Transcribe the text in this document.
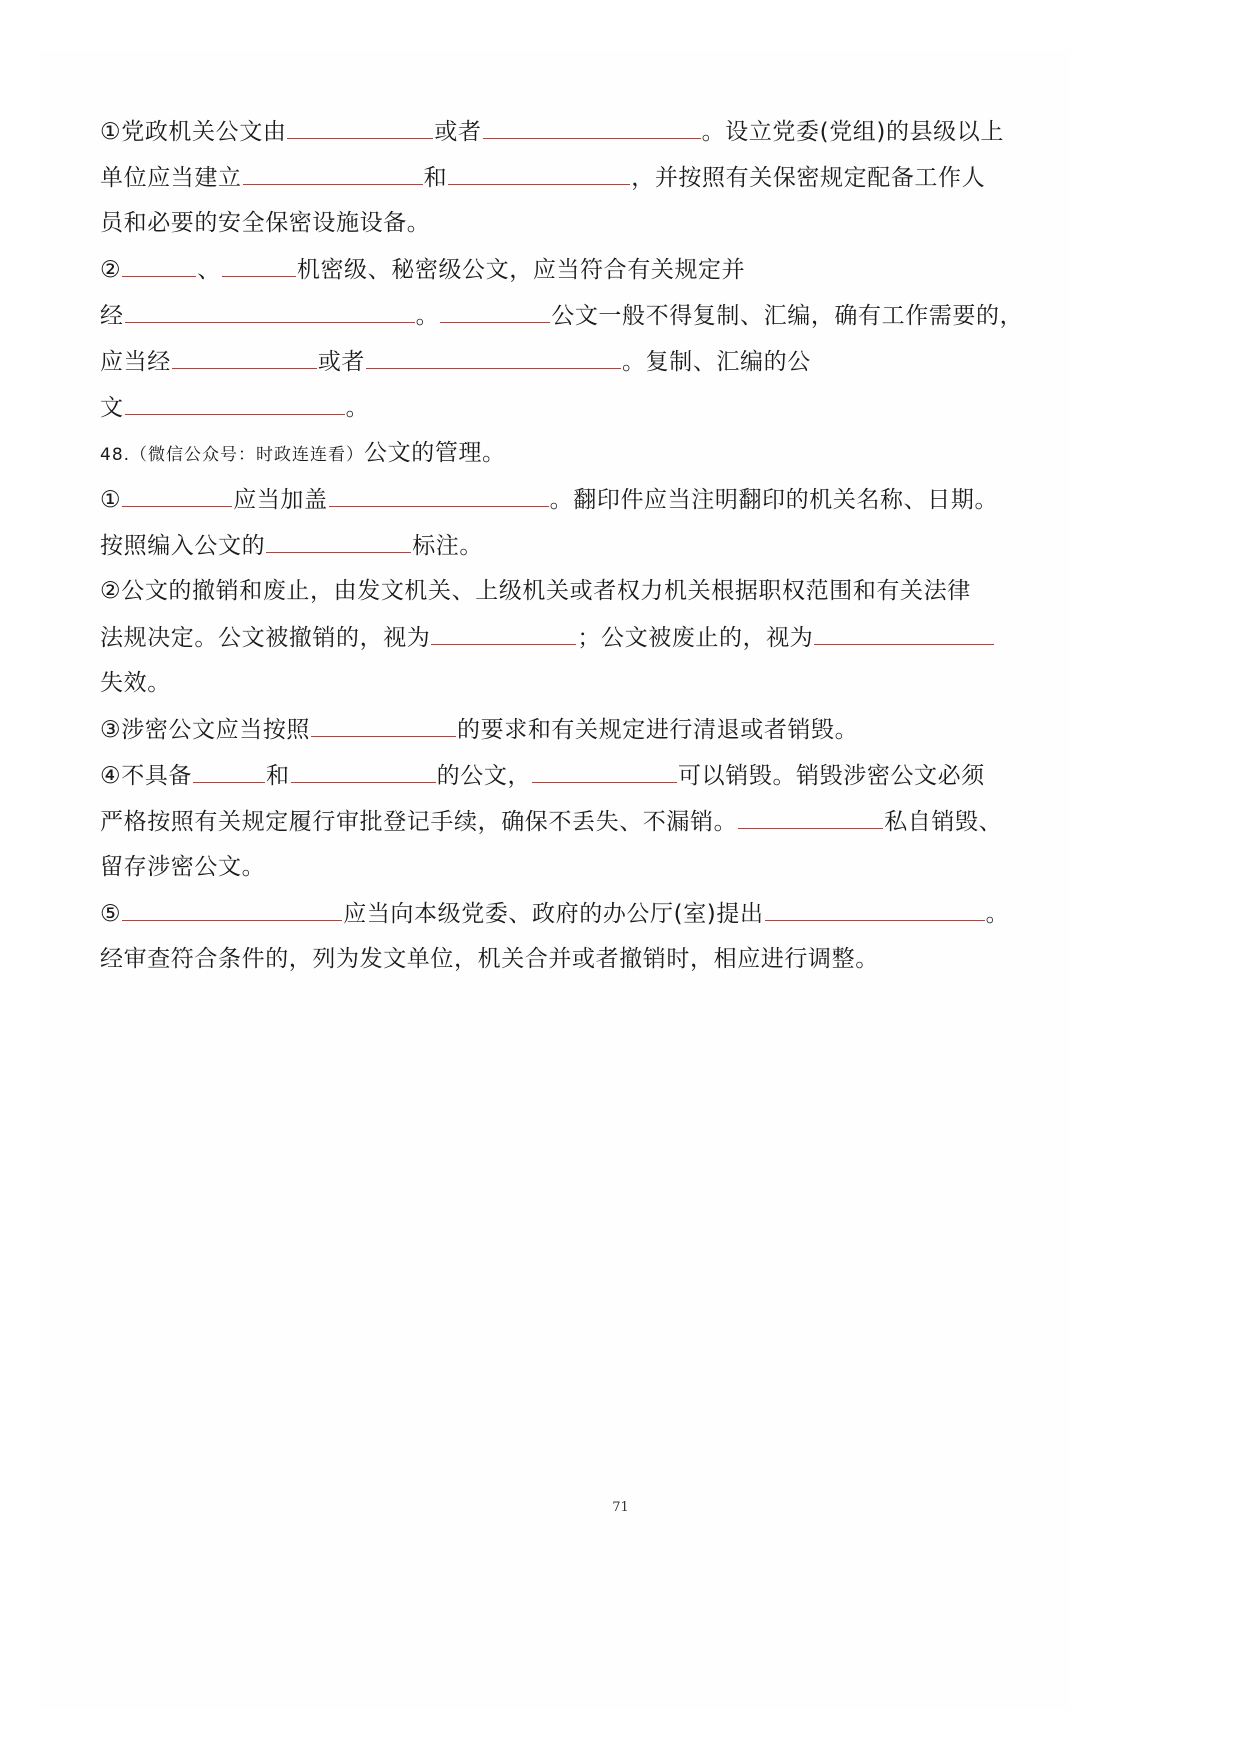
①党政机关公文由	或者	。设立党委(党组)的县级以上
单位应当建立	和	，并按照有关保密规定配备工作人
员和必要的安全保密设施设备。
②	、	机密级、秘密级公文，应当符合有关规定并
经	。	公文一般不得复制、汇编，确有工作需要的，
应当经	或者	。复制、汇编的公
文	。
48.（微信公众号：时政连连看）公文的管理。
①	应当加盖	。翻印件应当注明翻印的机关名称、日期。
按照编入公文的	标注。
②公文的撤销和废止，由发文机关、上级机关或者权力机关根据职权范围和有关法律
法规决定。公文被撤销的，视为	；公文被废止的，视为
失效。
③涉密公文应当按照	的要求和有关规定进行清退或者销毁。
④不具备	和	的公文，	可以销毁。销毁涉密公文必须
严格按照有关规定履行审批登记手续，确保不丢失、不漏销。	私自销毁、
留存涉密公文。
⑤	应当向本级党委、政府的办公厅(室)提出	。
经审查符合条件的，列为发文单位，机关合并或者撤销时，相应进行调整。
71
